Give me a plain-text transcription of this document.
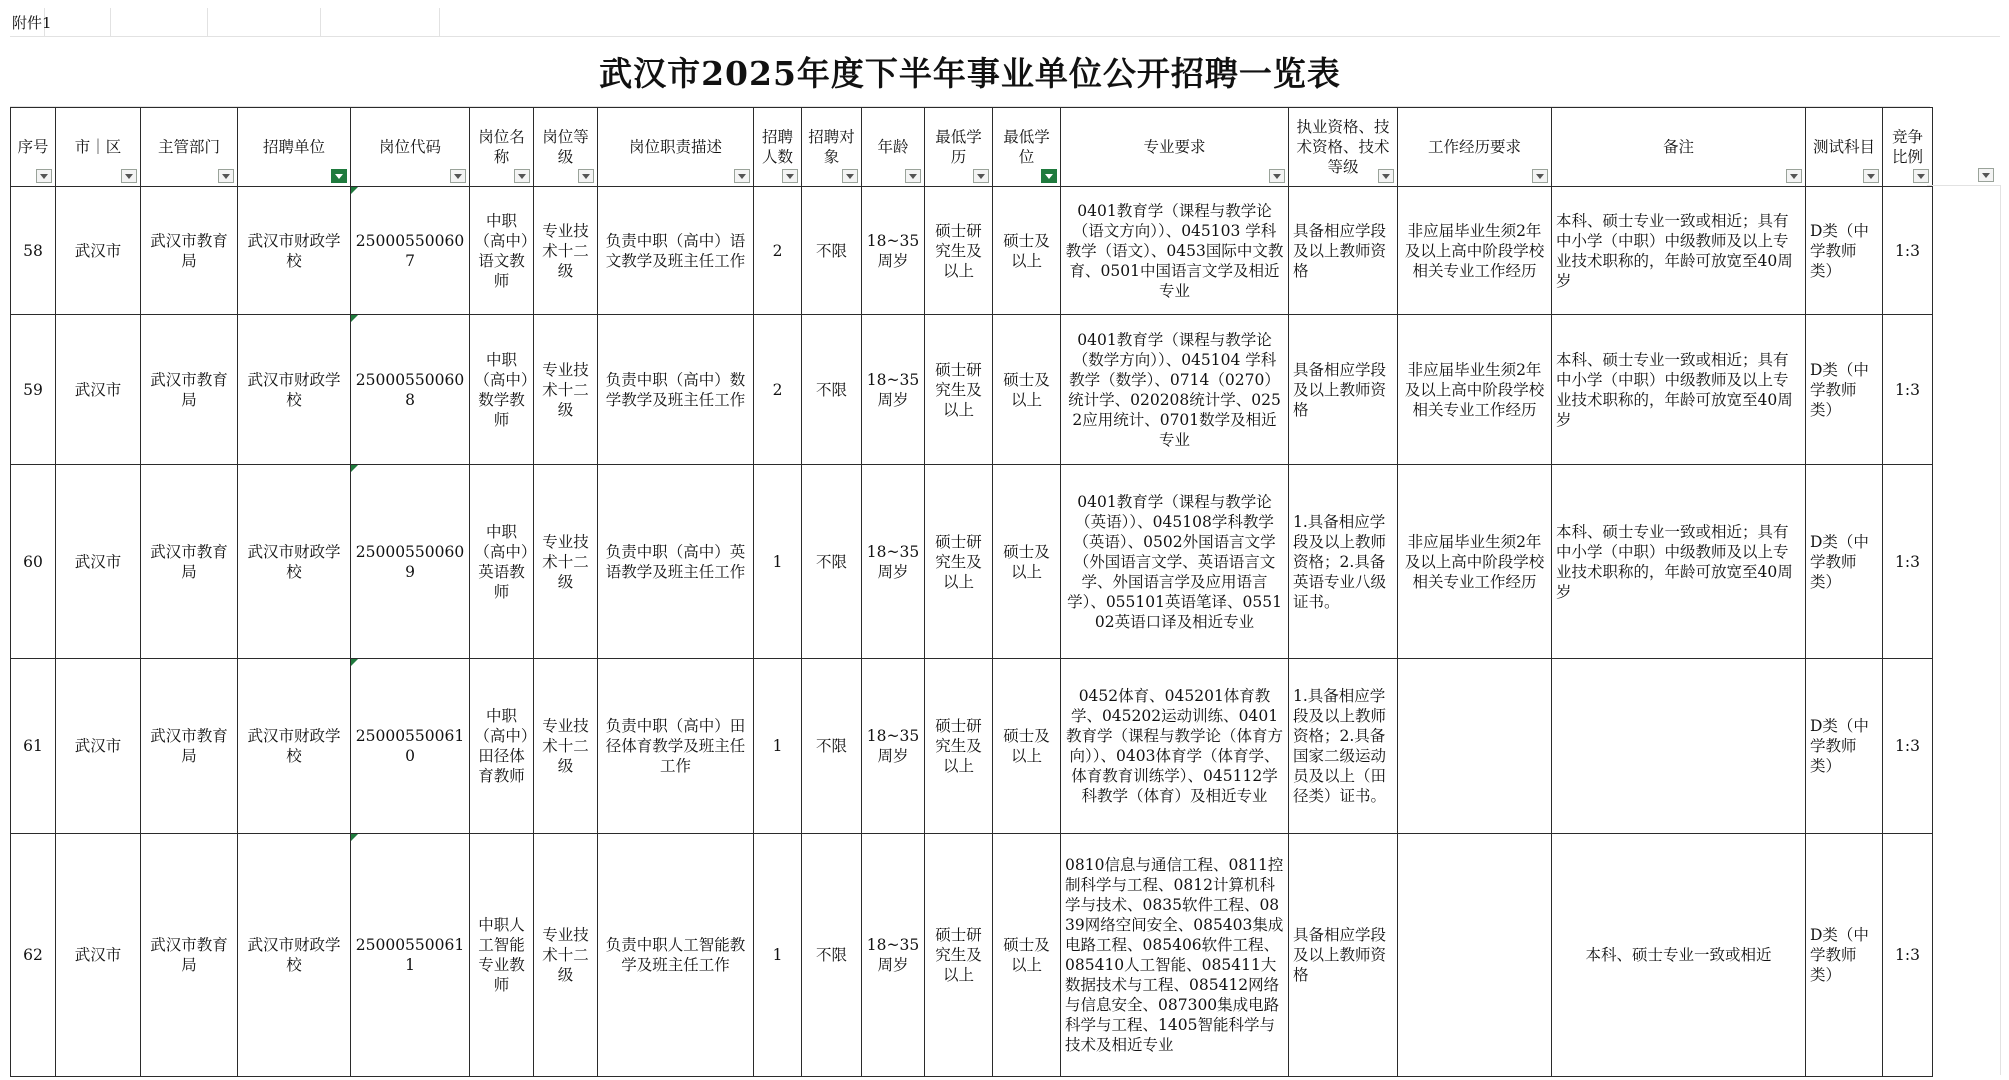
附件1
武汉市2025年度下半年事业单位公开招聘一览表
序号	市｜区	主管部门	招聘单位	岗位代码	岗位名称	岗位等级	岗位职责描述	招聘人数	招聘对象	年龄	最低学历	最低学位	专业要求	执业资格、技术资格、技术等级	工作经历要求	备注	测试科目	竞争比例

58	武汉市	武汉市教育局	武汉市财政学校	250005500607	中职（高中）语文教师	专业技术十二级	负责中职（高中）语文教学及班主任工作	2	不限	18~35周岁	硕士研究生及以上	硕士及以上	0401教育学（课程与教学论（语文方向））、045103 学科教学（语文）、0453国际中文教育、0501中国语言文学及相近专业	具备相应学段及以上教师资格	非应届毕业生须2年及以上高中阶段学校相关专业工作经历	本科、硕士专业一致或相近；具有中小学（中职）中级教师及以上专业技术职称的，年龄可放宽至40周岁	D类（中学教师类）	1:3
59	武汉市	武汉市教育局	武汉市财政学校	250005500608	中职（高中）数学教师	专业技术十二级	负责中职（高中）数学教学及班主任工作	2	不限	18~35周岁	硕士研究生及以上	硕士及以上	0401教育学（课程与教学论（数学方向））、045104 学科教学（数学）、0714（0270）统计学、020208统计学、0252应用统计、0701数学及相近专业	具备相应学段及以上教师资格	非应届毕业生须2年及以上高中阶段学校相关专业工作经历	本科、硕士专业一致或相近；具有中小学（中职）中级教师及以上专业技术职称的，年龄可放宽至40周岁	D类（中学教师类）	1:3
60	武汉市	武汉市教育局	武汉市财政学校	250005500609	中职（高中）英语教师	专业技术十二级	负责中职（高中）英语教学及班主任工作	1	不限	18~35周岁	硕士研究生及以上	硕士及以上	0401教育学（课程与教学论（英语））、045108学科教学（英语）、0502外国语言文学（外国语言文学、英语语言文学、外国语言学及应用语言学）、055101英语笔译、055102英语口译及相近专业	1.具备相应学段及以上教师资格；2.具备英语专业八级证书。	非应届毕业生须2年及以上高中阶段学校相关专业工作经历	本科、硕士专业一致或相近；具有中小学（中职）中级教师及以上专业技术职称的，年龄可放宽至40周岁	D类（中学教师类）	1:3
61	武汉市	武汉市教育局	武汉市财政学校	250005500610	中职（高中）田径体育教师	专业技术十二级	负责中职（高中）田径体育教学及班主任工作	1	不限	18~35周岁	硕士研究生及以上	硕士及以上	0452体育、045201体育教学、045202运动训练、0401教育学（课程与教学论（体育方向））、0403体育学（体育学、体育教育训练学）、045112学科教学（体育）及相近专业	1.具备相应学段及以上教师资格；2.具备国家二级运动员及以上（田径类）证书。			D类（中学教师类）	1:3
62	武汉市	武汉市教育局	武汉市财政学校	250005500611	中职人工智能专业教师	专业技术十二级	负责中职人工智能教学及班主任工作	1	不限	18~35周岁	硕士研究生及以上	硕士及以上	0810信息与通信工程、0811控制科学与工程、0812计算机科学与技术、0835软件工程、0839网络空间安全、085403集成电路工程、085406软件工程、085410人工智能、085411大数据技术与工程、085412网络与信息安全、087300集成电路科学与工程、1405智能科学与技术及相近专业	具备相应学段及以上教师资格		本科、硕士专业一致或相近	D类（中学教师类）	1:3
